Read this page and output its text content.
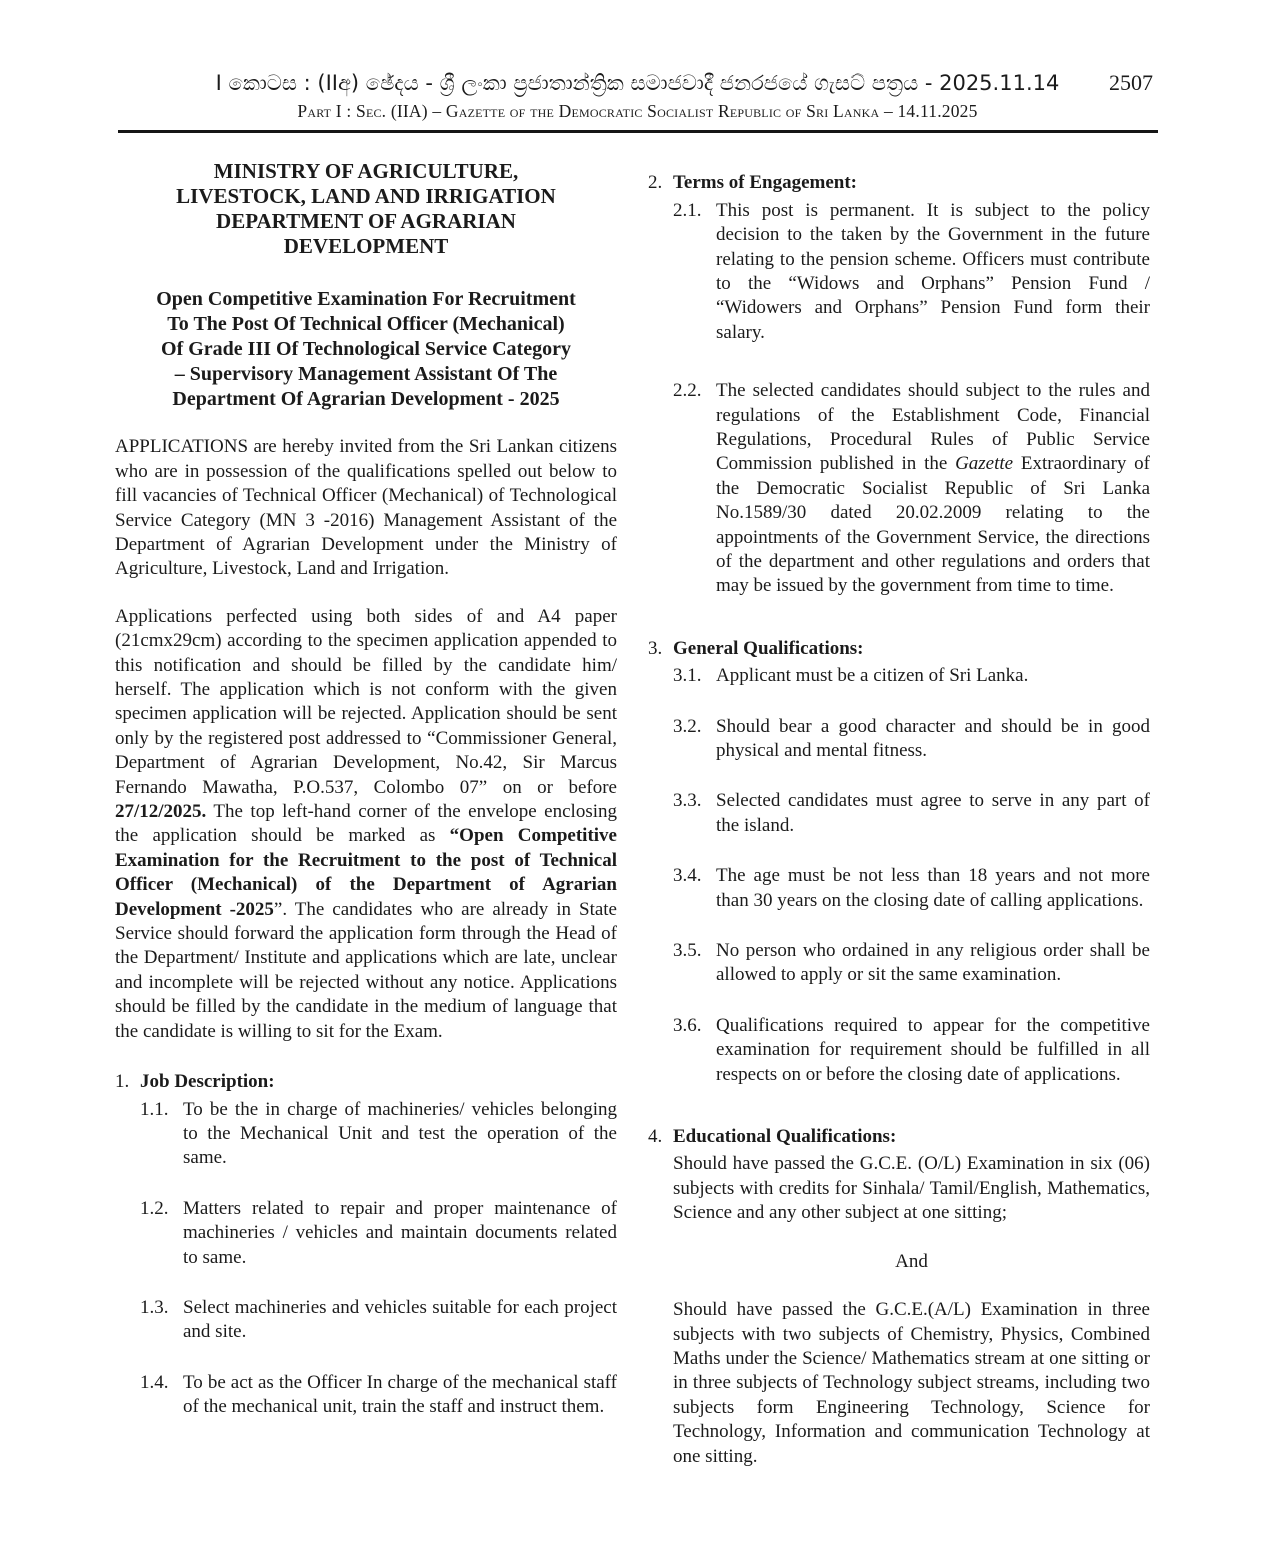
I කොටස : (IIඅ) ඡේදය - ශ්‍රී ලංකා ප්‍රජාතාන්ත්‍රික සමාජවාදී ජනරජයේ ගැසට් පත්‍රය - 2025.11.14	2507
Part I : Sec. (IIA) – Gazette of the Democratic Socialist Republic of Sri Lanka – 14.11.2025
MINISTRY OF AGRICULTURE,
LIVESTOCK, LAND AND IRRIGATION
DEPARTMENT OF AGRARIAN
DEVELOPMENT
Open Competitive Examination For Recruitment
To The Post Of Technical Officer (Mechanical)
Of Grade III Of Technological Service Category
– Supervisory Management Assistant Of The
Department Of Agrarian Development - 2025

APPLICATIONS are hereby invited from the Sri Lankan citizens who are in possession of the qualifications spelled out below to fill vacancies of Technical Officer (Mechanical) of Technological Service Category (MN 3 -2016) Management Assistant of the Department of Agrarian Development under the Ministry of Agriculture, Livestock, Land and Irrigation.

Applications perfected using both sides of and A4 paper (21cmx29cm) according to the specimen application appended to this notification and should be filled by the candidate him/ herself. The application which is not conform with the given specimen application will be rejected. Application should be sent only by the registered post addressed to “Commissioner General, Department of Agrarian Development, No.42, Sir Marcus Fernando Mawatha, P.O.537, Colombo 07” on or before 27/12/2025. The top left-hand corner of the envelope enclosing the application should be marked as “Open Competitive Examination for the Recruitment to the post of Technical Officer (Mechanical) of the Department of Agrarian Development -2025”. The candidates who are already in State Service should forward the application form through the Head of the Department/ Institute and applications which are late, unclear and incomplete will be rejected without any notice. Applications should be filled by the candidate in the medium of language that the candidate is willing to sit for the Exam.

1. Job Description:
1.1. To be the in charge of machineries/ vehicles belonging to the Mechanical Unit and test the operation of the same.
1.2. Matters related to repair and proper maintenance of machineries / vehicles and maintain documents related to same.
1.3. Select machineries and vehicles suitable for each project and site.
1.4. To be act as the Officer In charge of the mechanical staff of the mechanical unit, train the staff and instruct them.
2. Terms of Engagement:
2.1. This post is permanent. It is subject to the policy decision to the taken by the Government in the future relating to the pension scheme. Officers must contribute to the “Widows and Orphans” Pension Fund / “Widowers and Orphans” Pension Fund form their salary.
2.2. The selected candidates should subject to the rules and regulations of the Establishment Code, Financial Regulations, Procedural Rules of Public Service Commission published in the Gazette Extraordinary of the Democratic Socialist Republic of Sri Lanka No.1589/30 dated 20.02.2009 relating to the appointments of the Government Service, the directions of the department and other regulations and orders that may be issued by the government from time to time.
3. General Qualifications:
3.1. Applicant must be a citizen of Sri Lanka.
3.2. Should bear a good character and should be in good physical and mental fitness.
3.3. Selected candidates must agree to serve in any part of the island.
3.4. The age must be not less than 18 years and not more than 30 years on the closing date of calling applications.
3.5. No person who ordained in any religious order shall be allowed to apply or sit the same examination.
3.6. Qualifications required to appear for the competitive examination for requirement should be fulfilled in all respects on or before the closing date of applications.
4. Educational Qualifications:

Should have passed the G.C.E. (O/L) Examination in six (06) subjects with credits for Sinhala/ Tamil/English, Mathematics, Science and any other subject at one sitting;

And

Should have passed the G.C.E.(A/L) Examination in three subjects with two subjects of Chemistry, Physics, Combined Maths under the Science/ Mathematics stream at one sitting or in three subjects of Technology subject streams, including two subjects form Engineering Technology, Science for Technology, Information and communication Technology at one sitting.
